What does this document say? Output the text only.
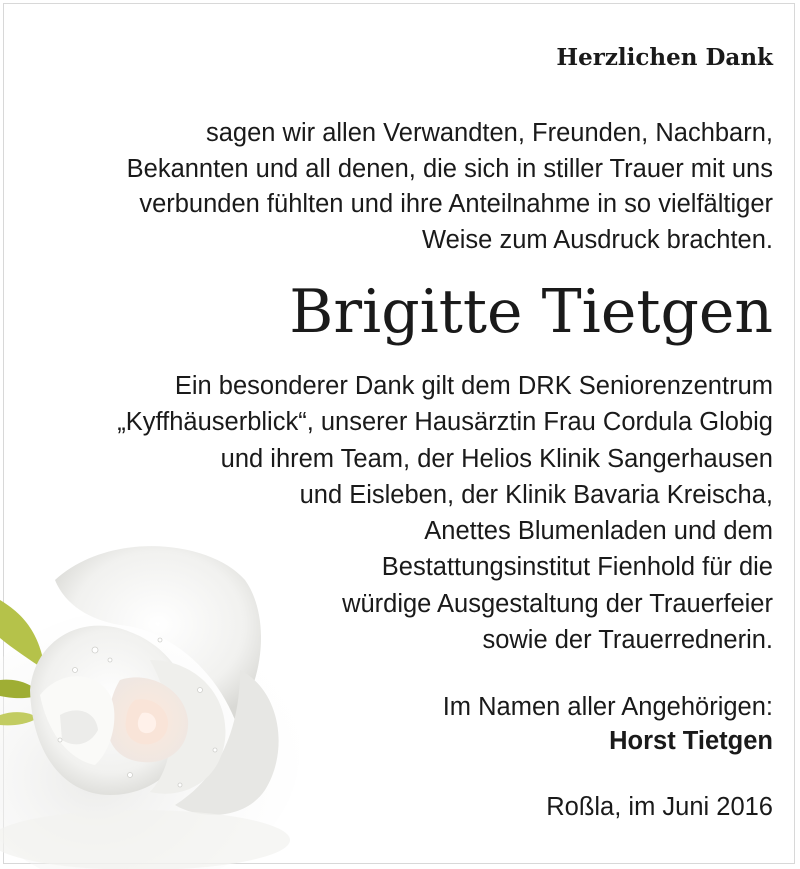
Herzlichen Dank

sagen wir allen Verwandten, Freunden, Nachbarn,
Bekannten und all denen, die sich in stiller Trauer mit uns
verbunden fühlten und ihre Anteilnahme in so vielfältiger
Weise zum Ausdruck brachten.

Brigitte Tietgen

Ein besonderer Dank gilt dem DRK Seniorenzentrum
„Kyffhäuserblick“, unserer Hausärztin Frau Cordula Globig
und ihrem Team, der Helios Klinik Sangerhausen
und Eisleben, der Klinik Bavaria Kreischa,
Anettes Blumenladen und dem
Bestattungsinstitut Fienhold für die
würdige Ausgestaltung der Trauerfeier
sowie der Trauerrednerin.

Im Namen aller Angehörigen:
Horst Tietgen

Roßla, im Juni 2016
